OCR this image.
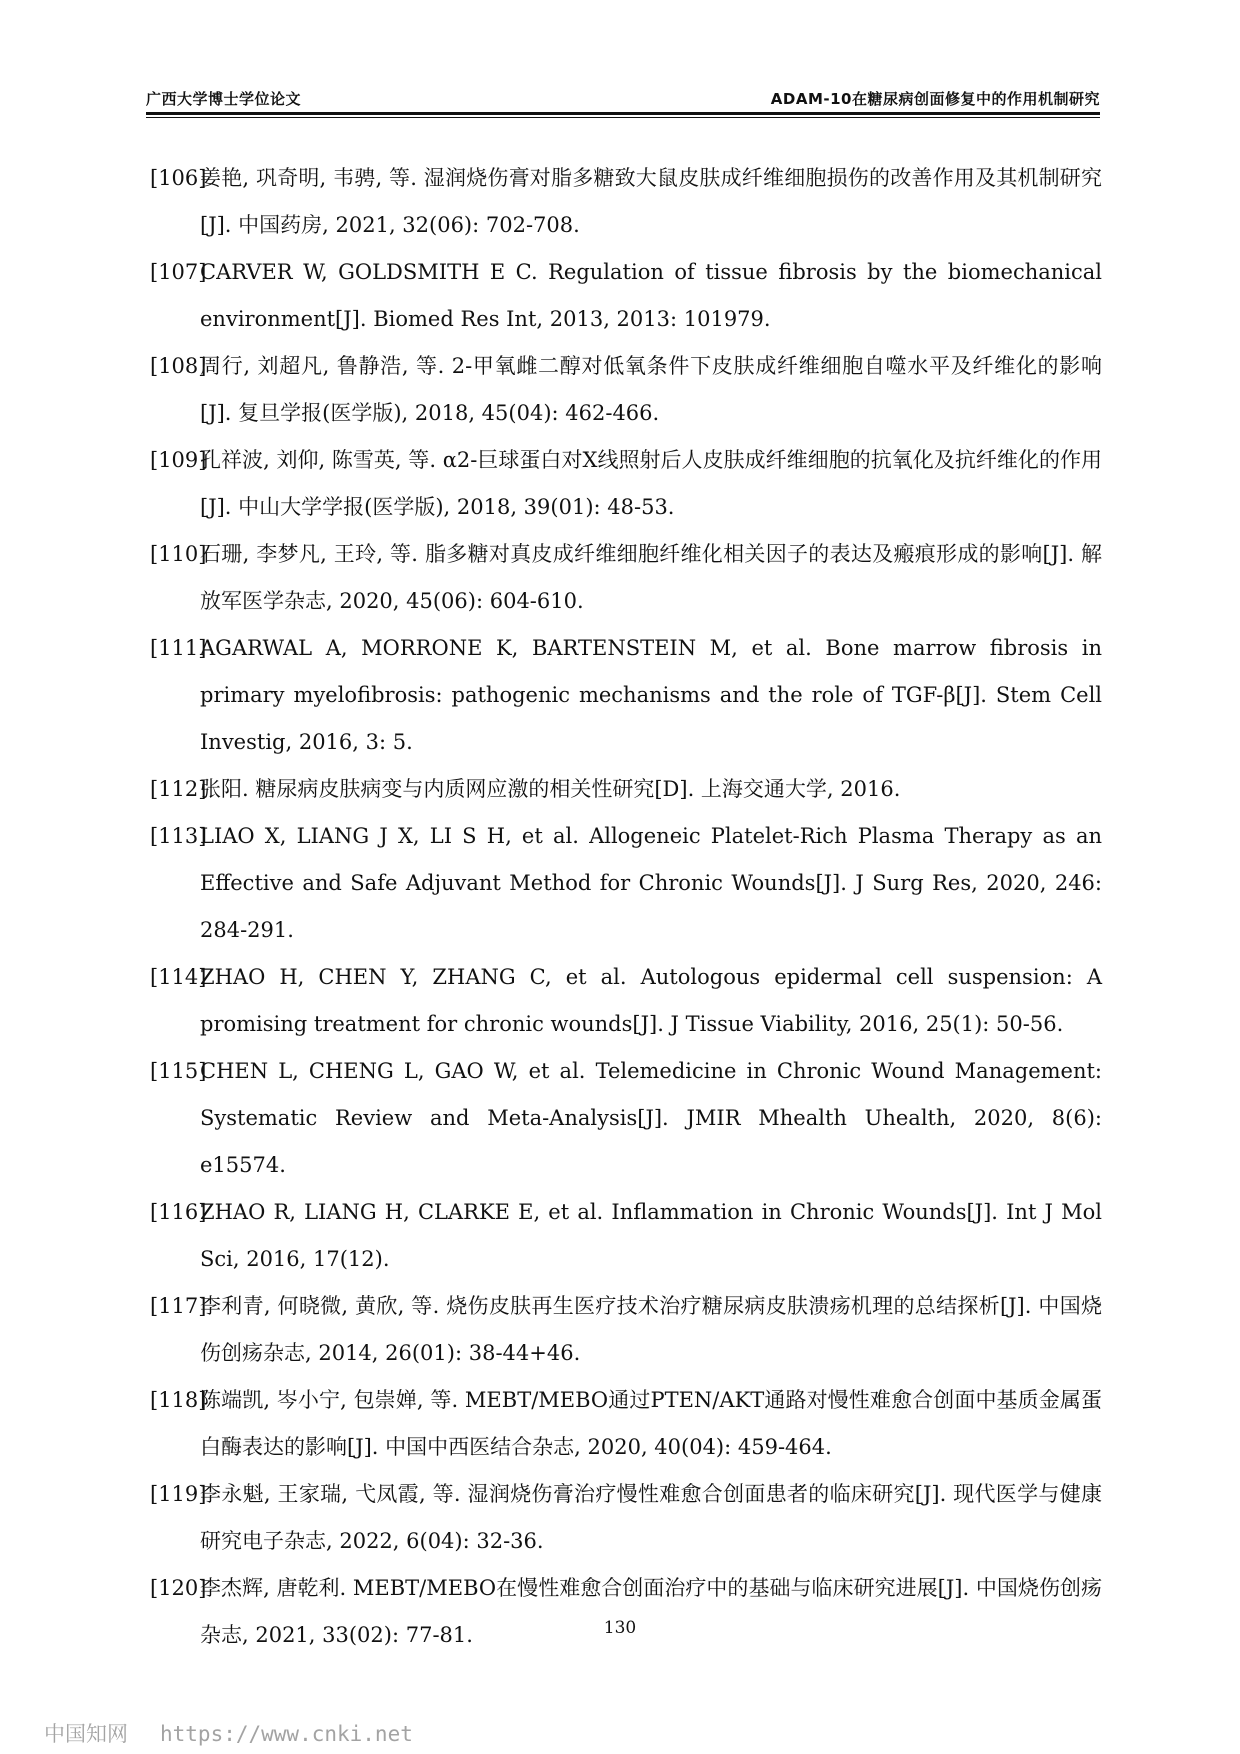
广西大学博士学位论文	ADAM-10在糖尿病创面修复中的作用机制研究

[106]
姜艳, 巩奇明, 韦骋, 等. 湿润烧伤膏对脂多糖致大鼠皮肤成纤维细胞损伤的改善作用及其机制研究[J]. 中国药房, 2021, 32(06): 702-708.

[107]
CARVER W, GOLDSMITH E C. Regulation of tissue fibrosis by the biomechanical environment[J]. Biomed Res Int, 2013, 2013: 101979.

[108]
周行, 刘超凡, 鲁静浩, 等. 2-甲氧雌二醇对低氧条件下皮肤成纤维细胞自噬水平及纤维化的影响[J]. 复旦学报(医学版), 2018, 45(04): 462-466.

[109]
孔祥波, 刘仰, 陈雪英, 等. α2-巨球蛋白对X线照射后人皮肤成纤维细胞的抗氧化及抗纤维化的作用[J]. 中山大学学报(医学版), 2018, 39(01): 48-53.

[110]
石珊, 李梦凡, 王玲, 等. 脂多糖对真皮成纤维细胞纤维化相关因子的表达及瘢痕形成的影响[J]. 解放军医学杂志, 2020, 45(06): 604-610.

[111]
AGARWAL A, MORRONE K, BARTENSTEIN M, et al. Bone marrow fibrosis in primary myelofibrosis: pathogenic mechanisms and the role of TGF-β[J]. Stem Cell Investig, 2016, 3: 5.

[112]
张阳. 糖尿病皮肤病变与内质网应激的相关性研究[D]. 上海交通大学, 2016.

[113]
LIAO X, LIANG J X, LI S H, et al. Allogeneic Platelet-Rich Plasma Therapy as an Effective and Safe Adjuvant Method for Chronic Wounds[J]. J Surg Res, 2020, 246: 284-291.

[114]
ZHAO H, CHEN Y, ZHANG C, et al. Autologous epidermal cell suspension: A promising treatment for chronic wounds[J]. J Tissue Viability, 2016, 25(1): 50-56.

[115]
CHEN L, CHENG L, GAO W, et al. Telemedicine in Chronic Wound Management: Systematic Review and Meta-Analysis[J]. JMIR Mhealth Uhealth, 2020, 8(6): e15574.

[116]
ZHAO R, LIANG H, CLARKE E, et al. Inflammation in Chronic Wounds[J]. Int J Mol Sci, 2016, 17(12).

[117]
李利青, 何晓微, 黄欣, 等. 烧伤皮肤再生医疗技术治疗糖尿病皮肤溃疡机理的总结探析[J]. 中国烧伤创疡杂志, 2014, 26(01): 38-44+46.

[118]
陈端凯, 岑小宁, 包崇婵, 等. MEBT/MEBO通过PTEN/AKT通路对慢性难愈合创面中基质金属蛋白酶表达的影响[J]. 中国中西医结合杂志, 2020, 40(04): 459-464.

[119]
李永魁, 王家瑞, 弋凤霞, 等. 湿润烧伤膏治疗慢性难愈合创面患者的临床研究[J]. 现代医学与健康研究电子杂志, 2022, 6(04): 32-36.

[120]
李杰辉, 唐乾利. MEBT/MEBO在慢性难愈合创面治疗中的基础与临床研究进展[J]. 中国烧伤创疡杂志, 2021, 33(02): 77-81.	130
中国知网 https://www.cnki.net
